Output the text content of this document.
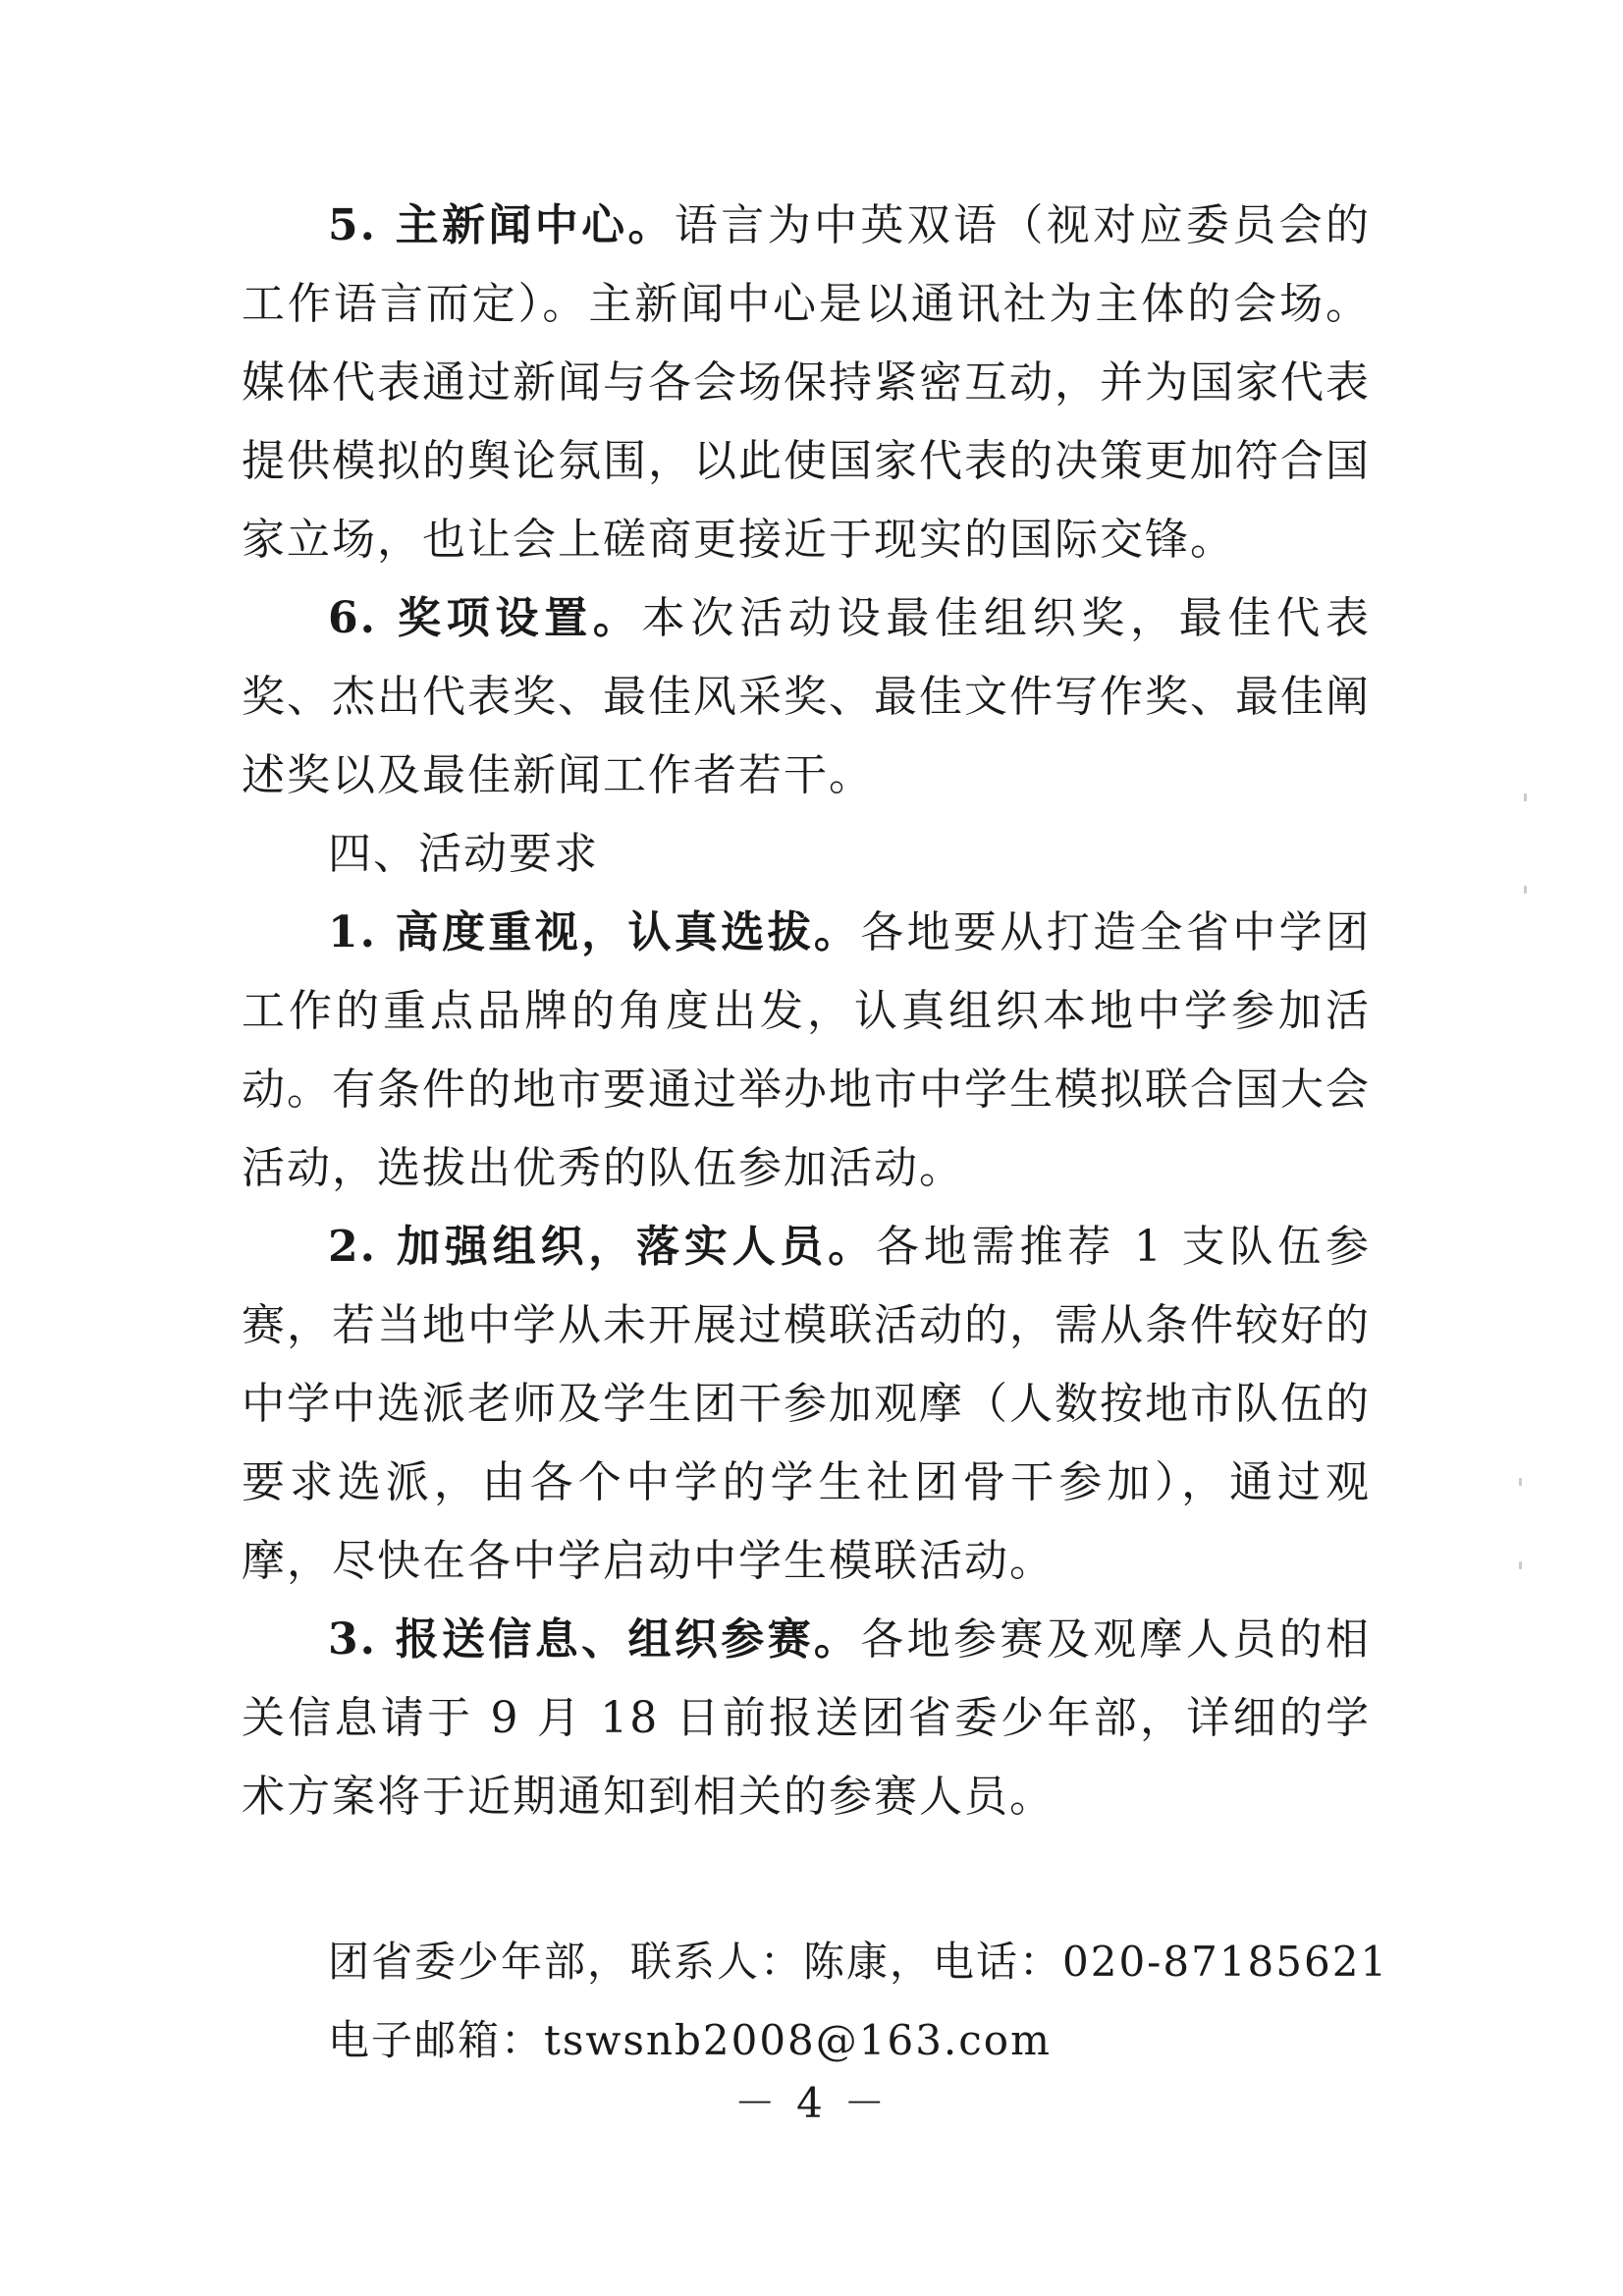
5. 主新闻中心。语言为中英双语（视对应委员会的工作语言而定）。主新闻中心是以通讯社为主体的会场。媒体代表通过新闻与各会场保持紧密互动，并为国家代表提供模拟的舆论氛围，以此使国家代表的决策更加符合国家立场，也让会上磋商更接近于现实的国际交锋。

6. 奖项设置。本次活动设最佳组织奖，最佳代表奖、杰出代表奖、最佳风采奖、最佳文件写作奖、最佳阐述奖以及最佳新闻工作者若干。

四、活动要求

1. 高度重视，认真选拔。各地要从打造全省中学团工作的重点品牌的角度出发，认真组织本地中学参加活动。有条件的地市要通过举办地市中学生模拟联合国大会活动，选拔出优秀的队伍参加活动。

2. 加强组织，落实人员。各地需推荐 1 支队伍参赛，若当地中学从未开展过模联活动的，需从条件较好的中学中选派老师及学生团干参加观摩（人数按地市队伍的要求选派，由各个中学的学生社团骨干参加），通过观摩，尽快在各中学启动中学生模联活动。

3. 报送信息、组织参赛。各地参赛及观摩人员的相关信息请于 9 月 18 日前报送团省委少年部，详细的学术方案将于近期通知到相关的参赛人员。

团省委少年部，联系人：陈康，电话：020-87185621

电子邮箱：tswsnb2008@163.com

－ 4 －
